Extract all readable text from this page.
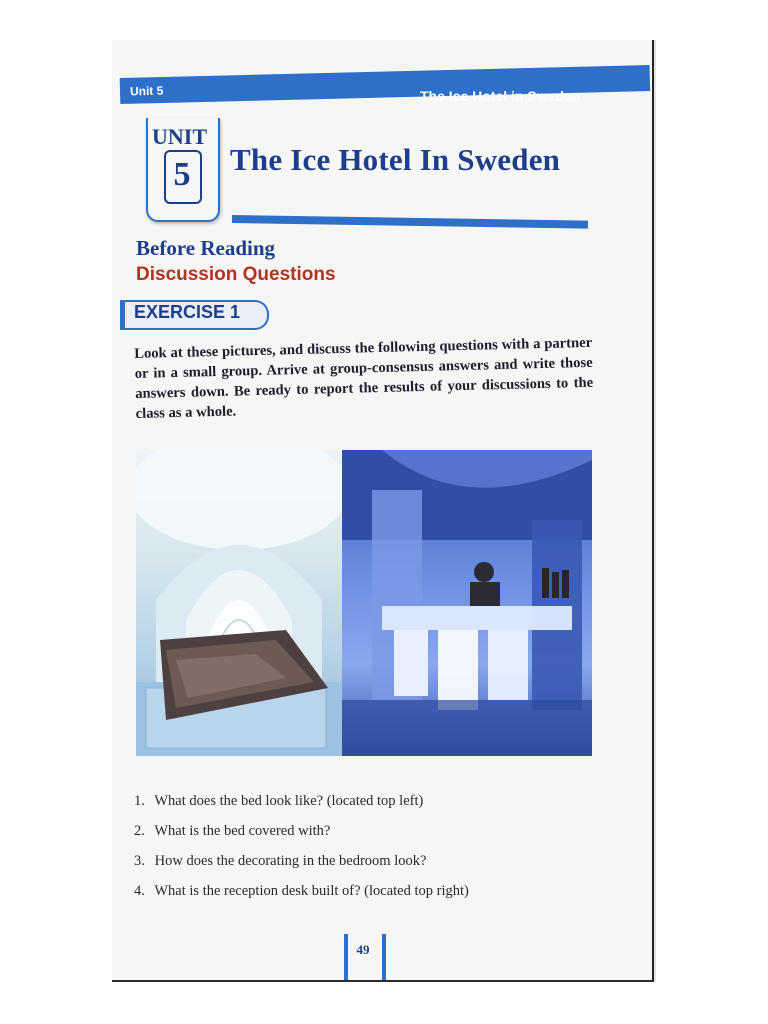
Unit 5	The Ice Hotel in Sweden
UNIT
5 The Ice Hotel In Sweden
Before Reading
Discussion Questions
EXERCISE 1
Look at these pictures, and discuss the following questions with a partner or in a small group. Arrive at group-consensus answers and write those answers down. Be ready to report the results of your discussions to the class as a whole.
1. What does the bed look like? (located top left)
2. What is the bed covered with?
3. How does the decorating in the bedroom look?
4. What is the reception desk built of? (located top right)
49
